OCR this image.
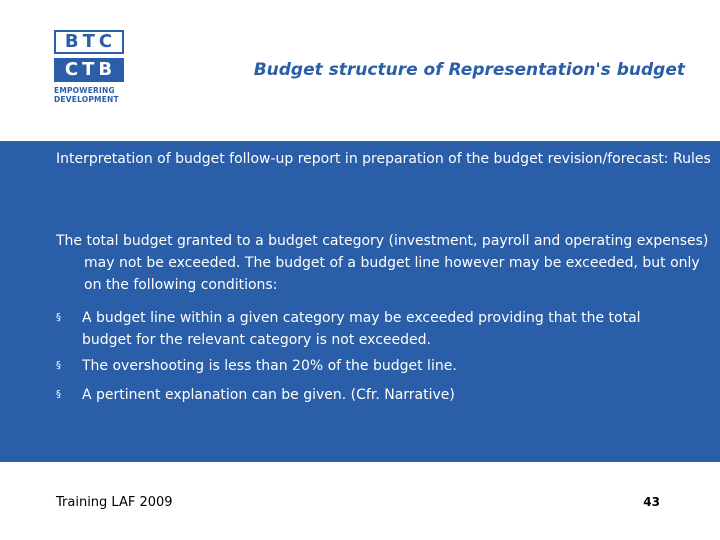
BTC
CTB
EMPOWERING
DEVELOPMENT
Budget structure of Representation's budget

Interpretation of budget follow-up report in preparation of the budget revision/forecast: Rules

The total budget granted to a budget category (investment, payroll and operating expenses) may not be exceeded. The budget of a budget line however may be exceeded, but only on the following conditions:

§ A budget line within a given category may be exceeded providing that the total budget for the relevant category is not exceeded.
§ The overshooting is less than 20% of the budget line.
§ A pertinent explanation can be given. (Cfr. Narrative)
Training LAF 2009	43
